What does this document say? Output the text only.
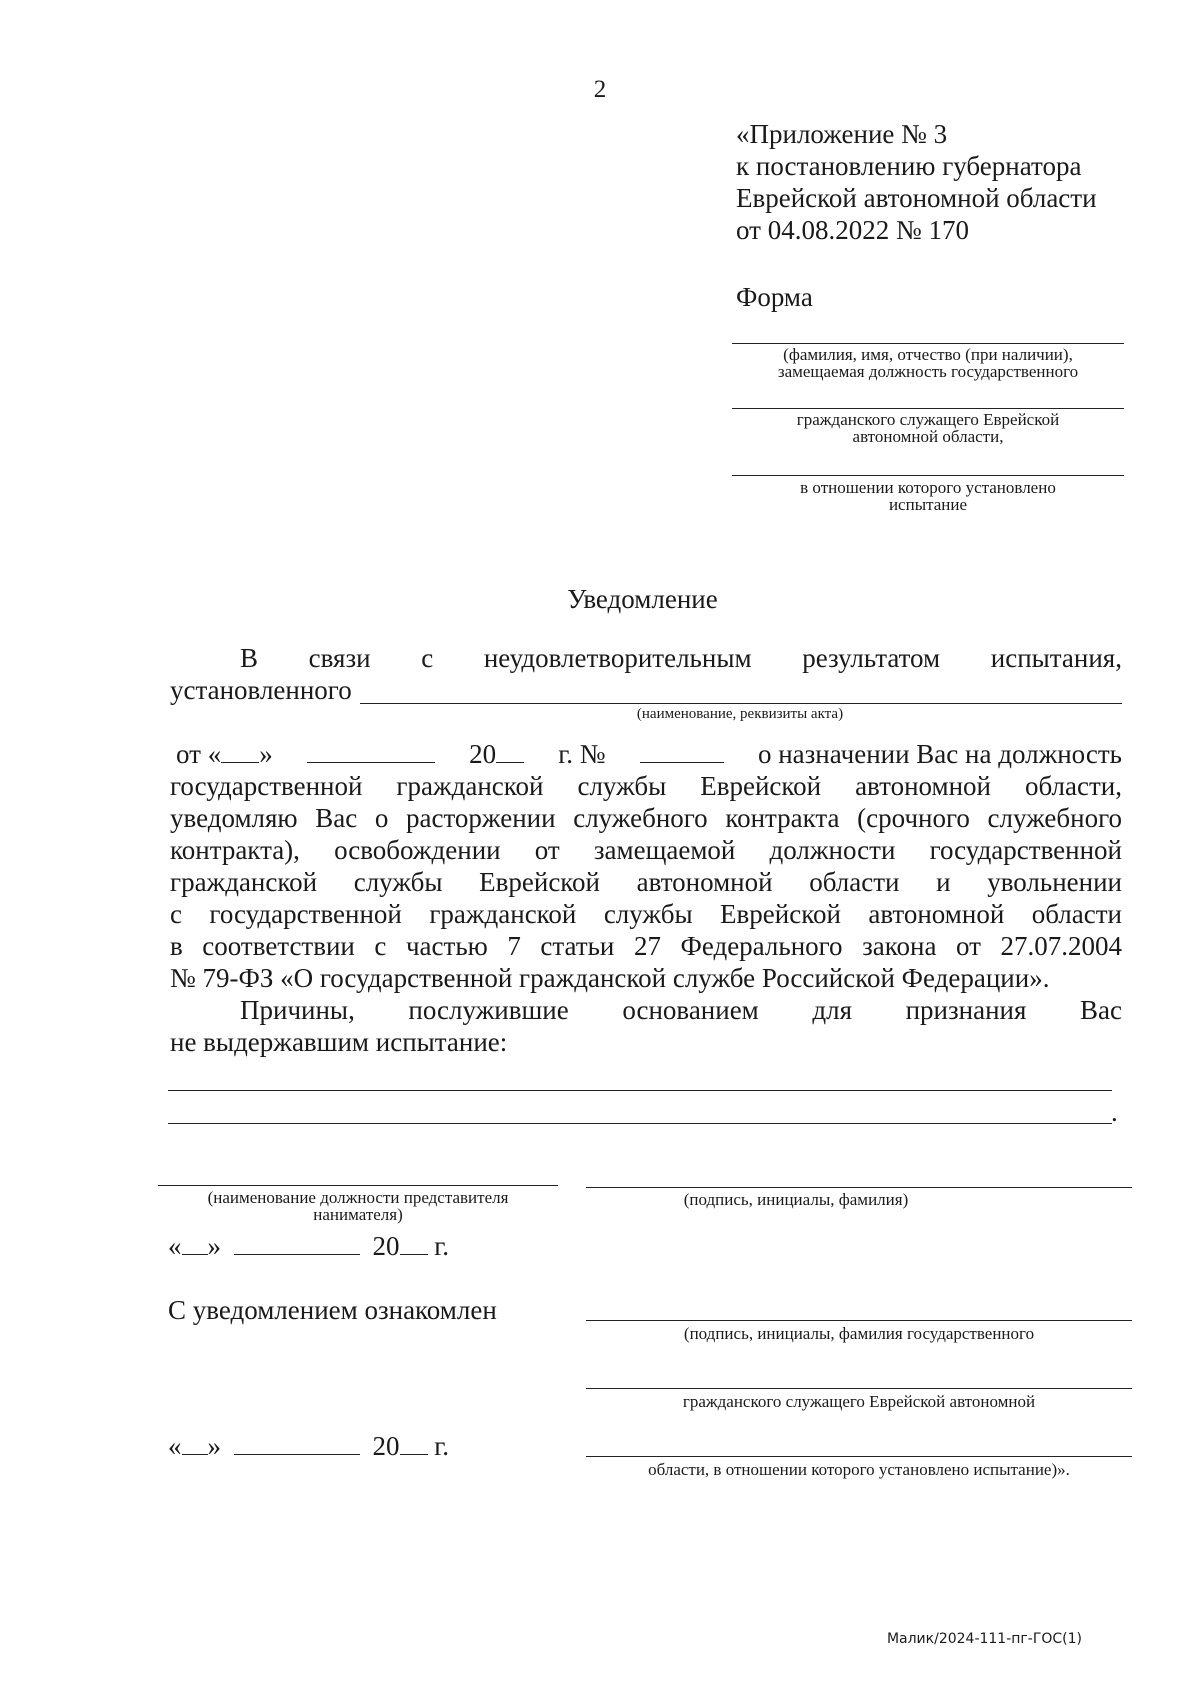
2
«Приложение № 3
к постановлению губернатора
Еврейской автономной области
от 04.08.2022 № 170
Форма
(фамилия, имя, отчество (при наличии),
замещаемая должность государственного
гражданского служащего Еврейской
автономной области,
в отношении которого установлено
испытание
Уведомление
В связи с неудовлетворительным результатом испытания,
установленного
(наименование, реквизиты акта)
от « »	20	г. №	о назначении Вас на должность
государственной гражданской службы Еврейской автономной области,
уведомляю Вас о расторжении служебного контракта (срочного служебного
контракта), освобождении от замещаемой должности государственной
гражданской службы Еврейской автономной области и увольнении
с государственной гражданской службы Еврейской автономной области
в соответствии с частью 7 статьи 27 Федерального закона от 27.07.2004
№ 79-ФЗ «О государственной гражданской службе Российской Федерации».
Причины, послужившие основанием для признания Вас
не выдержавшим испытание:
.
(наименование должности представителя
нанимателя)
(подпись, инициалы, фамилия)
« »	20 г.
С уведомлением ознакомлен
(подпись, инициалы, фамилия государственного
гражданского служащего Еврейской автономной
области, в отношении которого установлено испытание)».
« »	20 г.
Малик/2024-111-пг-ГОС(1)
